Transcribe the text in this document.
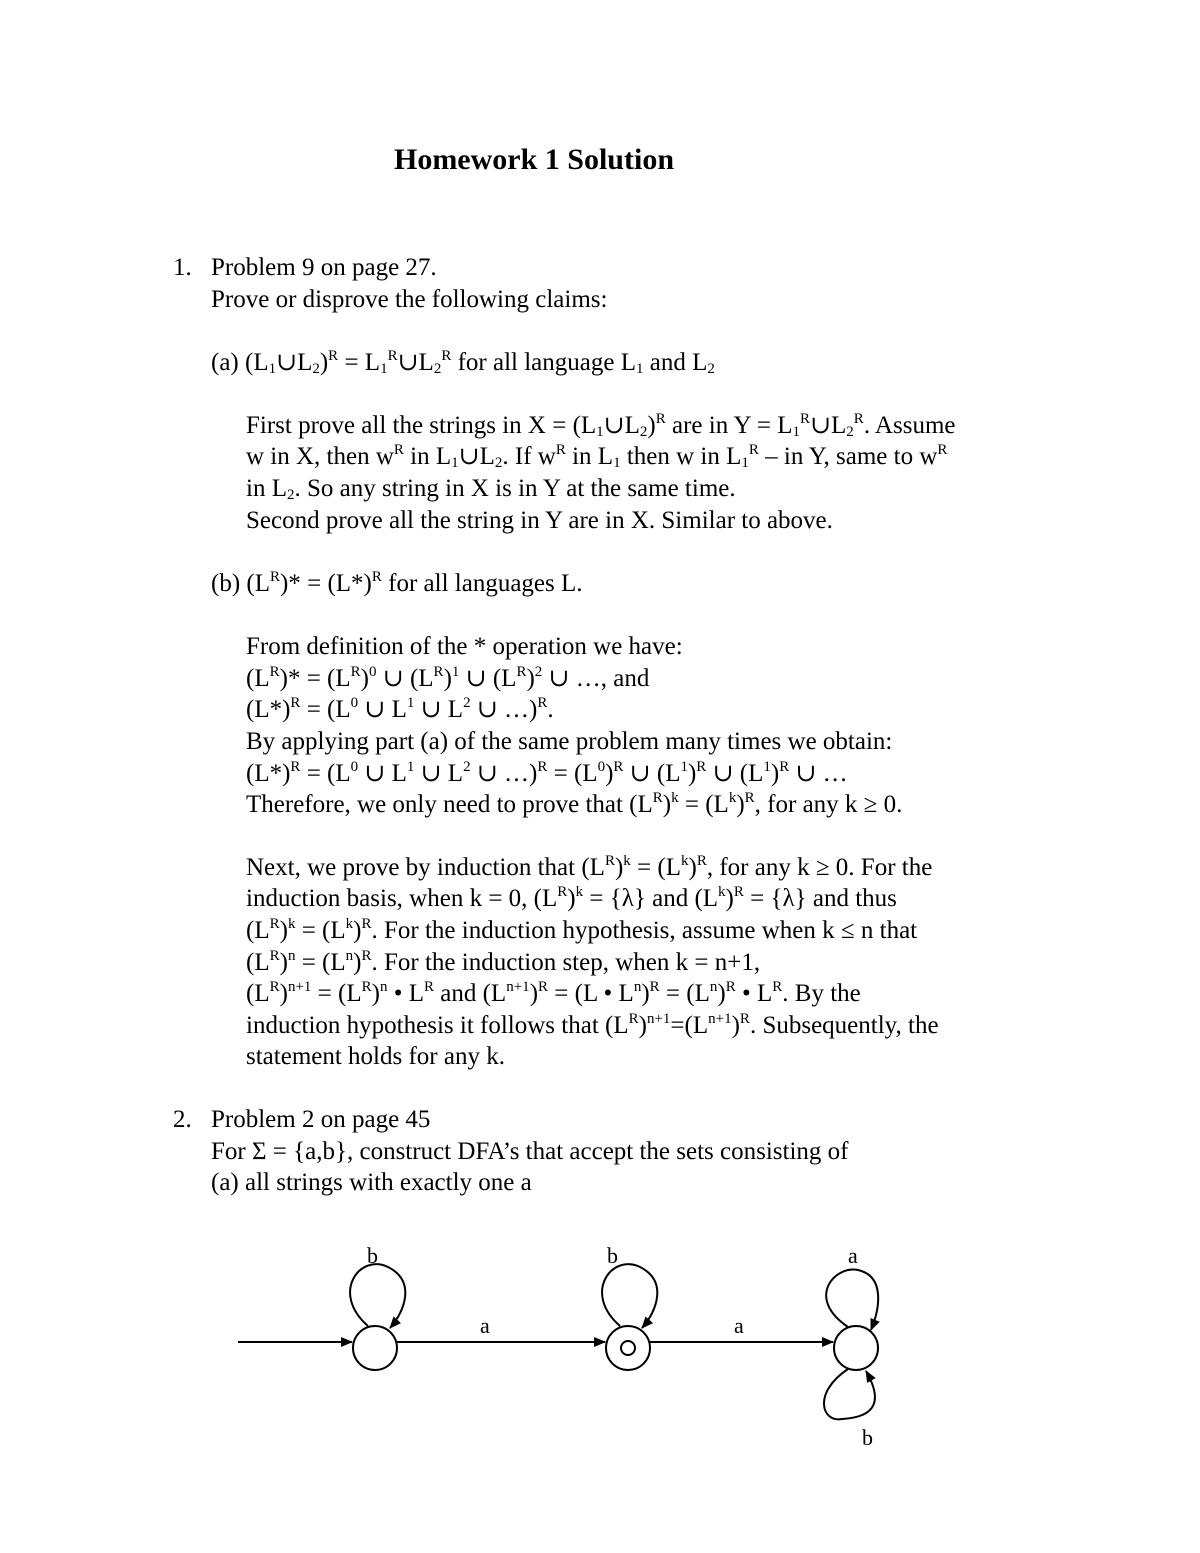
Homework 1 Solution
1. Problem 9 on page 27.
Prove or disprove the following claims:
(a) $(L_1\cup L_2)^R$ = $L_1^R\cup L_2^R$ for all language $L_1$ and $L_2$
First prove all the strings in $X = (L_1\cup L_2)^R$ are in $Y = L_1^R\cup L_2^R$. Assume
w in X, then $w^R$ in $L_1\cup L_2$. If $w^R$ in $L_1$ then w in $L_1^R$ – in Y, same to $w^R$
in $L_2$. So any string in X is in Y at the same time.
Second prove all the string in Y are in X. Similar to above.
(b) $(L^R)* = (L*)^R$ for all languages L.
From definition of the * operation we have:
$(L^R)* = (L^R)^0$ ∪ $(L^R)^1$ ∪ $(L^R)^2$ ∪ …, and
$(L*)^R = (L^0$ ∪ $L^1$ ∪ $L^2$ ∪ …)$^R$.
By applying part (a) of the same problem many times we obtain:
$(L*)^R = (L^0$ ∪ $L^1$ ∪ $L^2$ ∪ …)$^R$ = $(L^0)^R$ ∪ $(L^1)^R$ ∪ $(L^1)^R$ ∪ …
Therefore, we only need to prove that $(L^R)^k = (L^k)^R$, for any k ≥ 0.
Next, we prove by induction that $(L^R)^k = (L^k)^R$, for any k ≥ 0. For the
induction basis, when k = 0, $(L^R)^k = \{\lambda\}$ and $(L^k)^R = \{\lambda\}$ and thus
$(L^R)^k = (L^k)^R$. For the induction hypothesis, assume when k ≤ n that
$(L^R)^n = (L^n)^R$. For the induction step, when k = n+1,
$(L^R)^{n+1} = (L^R)^n$ • $L^R$ and $(L^{n+1})^R = (L$ • $L^n)^R = (L^n)^R$ • $L^R$. By the
induction hypothesis it follows that $(L^R)^{n+1}=(L^{n+1})^R$. Subsequently, the
statement holds for any k.
2. Problem 2 on page 45
For Σ = {a,b}, construct DFA’s that accept the sets consisting of
(a) all strings with exactly one a
b	b	a
b
a	a
